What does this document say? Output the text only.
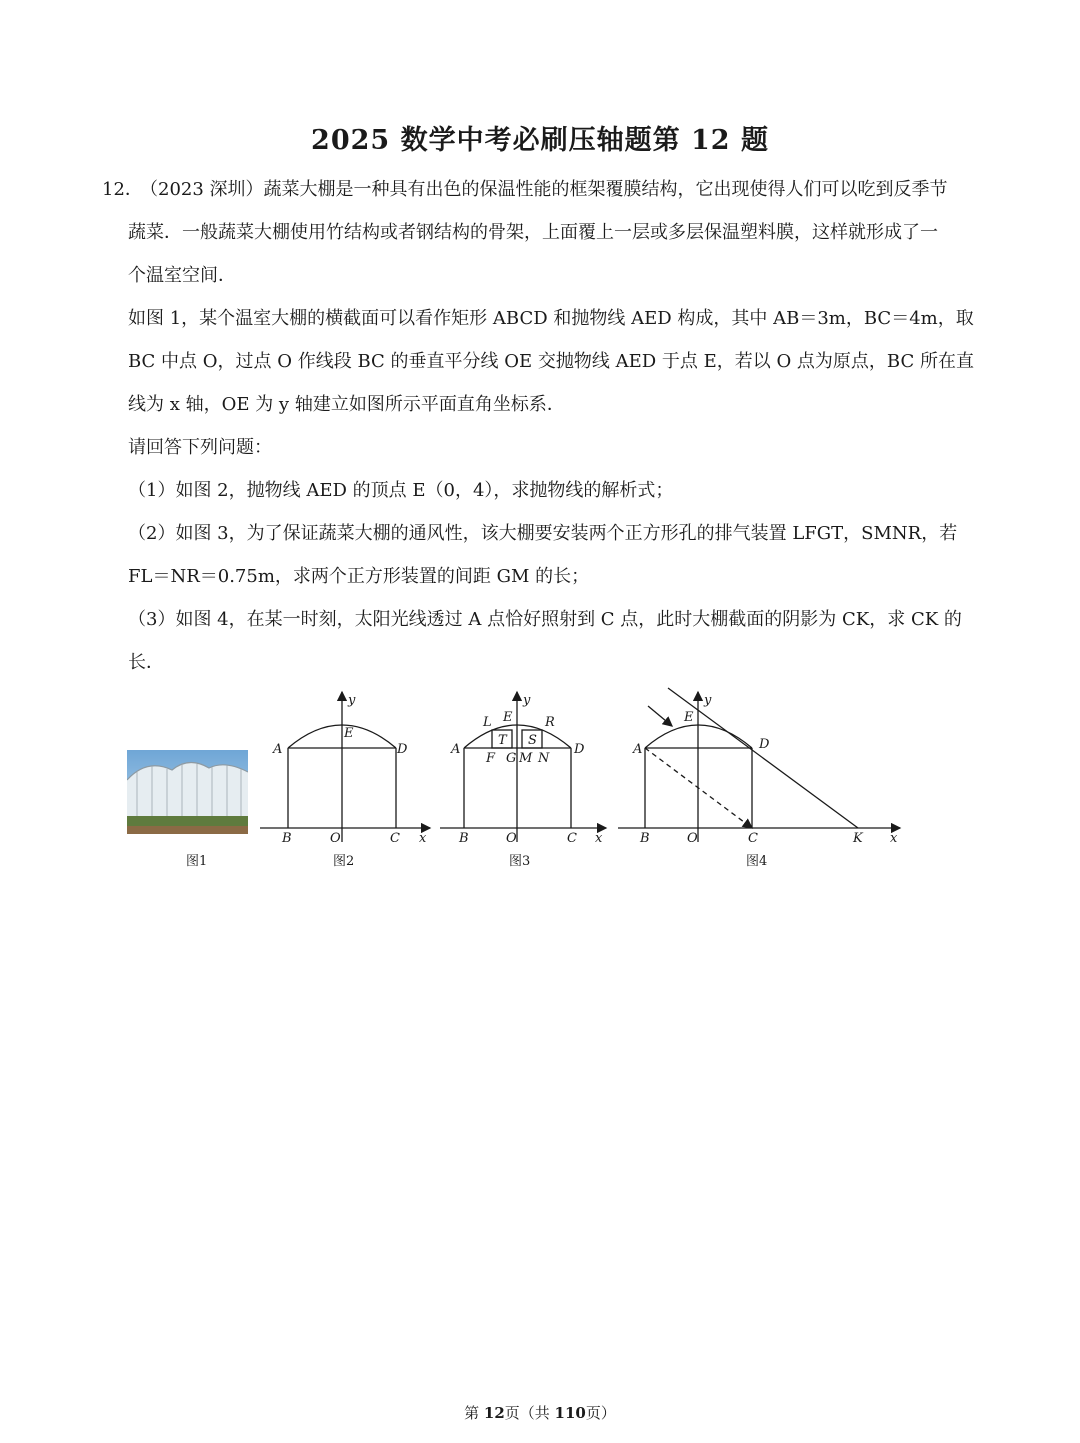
2025 数学中考必刷压轴题第 12 题
12．

（2023 深圳）蔬菜大棚是一种具有出色的保温性能的框架覆膜结构，它出现使得人们可以吃到反季节

蔬菜．一般蔬菜大棚使用竹结构或者钢结构的骨架，上面覆上一层或多层保温塑料膜，这样就形成了一

个温室空间．

如图 1，某个温室大棚的横截面可以看作矩形 ABCD 和抛物线 AED 构成，其中 AB＝3m，BC＝4m，取

BC 中点 O，过点 O 作线段 BC 的垂直平分线 OE 交抛物线 AED 于点 E，若以 O 点为原点，BC 所在直

线为 x 轴，OE 为 y 轴建立如图所示平面直角坐标系．

请回答下列问题：

（1）如图 2，抛物线 AED 的顶点 E（0，4），求抛物线的解析式；

（2）如图 3，为了保证蔬菜大棚的通风性，该大棚要安装两个正方形孔的排气装置 LFGT，SMNR，若

FL＝NR＝0.75m，求两个正方形装置的间距 GM 的长；

（3）如图 4，在某一时刻，太阳光线透过 A 点恰好照射到 C 点，此时大棚截面的阴影为 CK，求 CK 的

长．

A	D
E
B	O	C x
y
图2
A	D
L E	R
T S
F G M N
B	O	C x
y
图3
A	D
E
B	O	C	K x
y
图4
图1
第 12页（共 110页）
